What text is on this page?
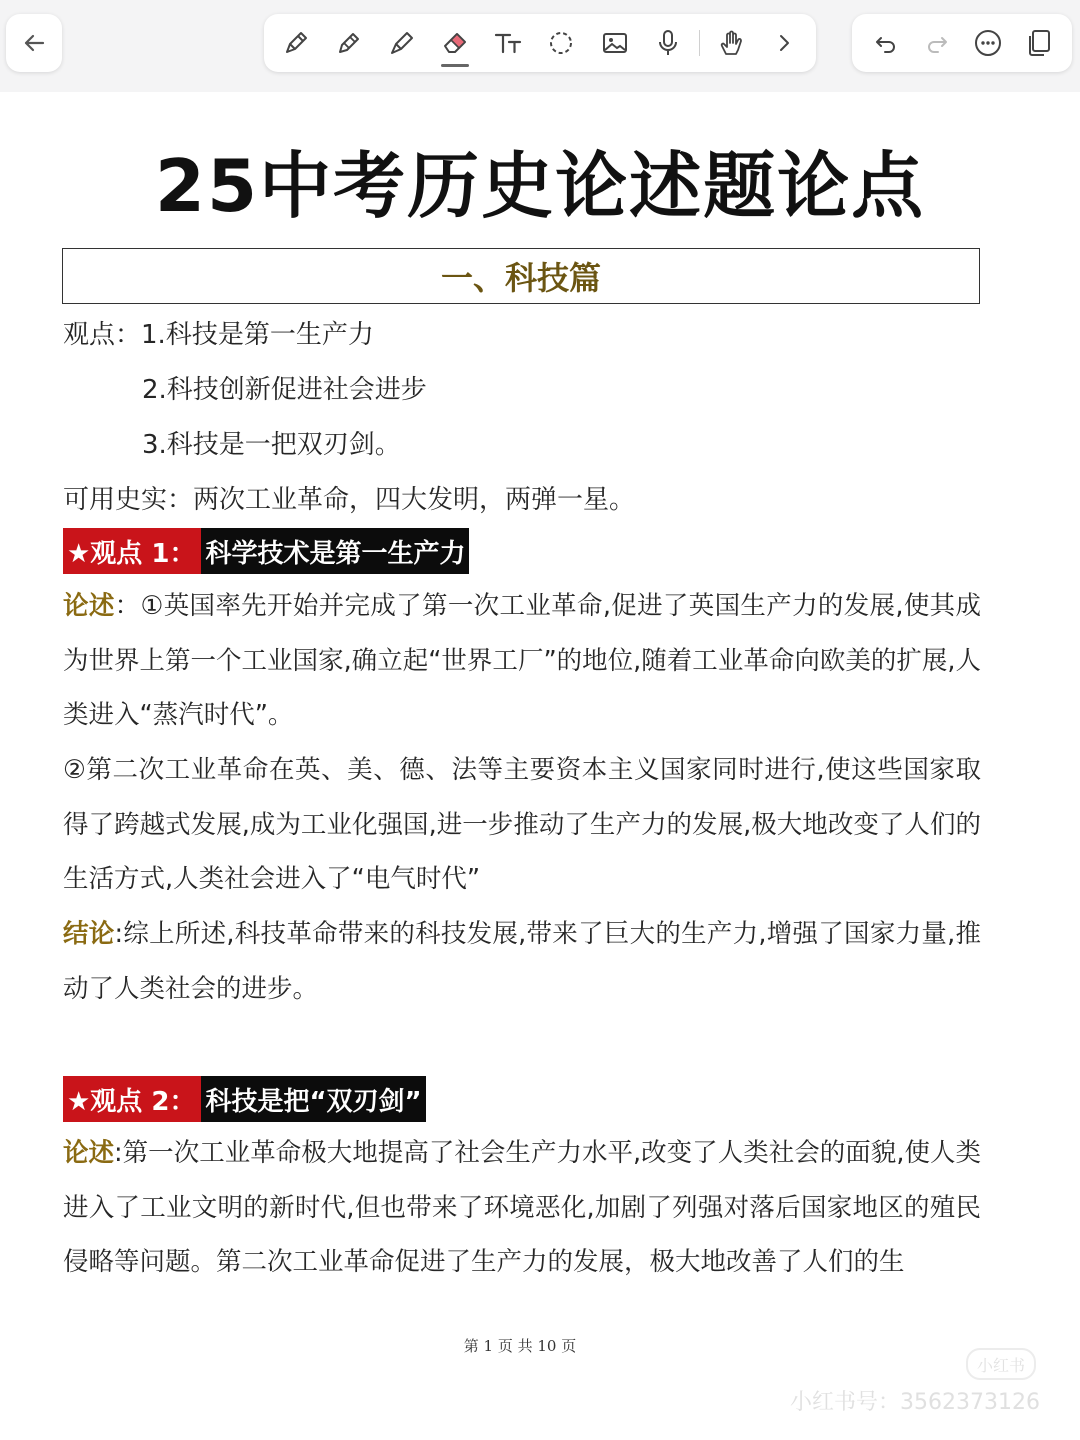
25中考历史论述题论点
一、科技篇
观点：1.科技是第一生产力
2.科技创新促进社会进步
3.科技是一把双刃剑。
可用史实：两次工业革命，四大发明，两弹一星。
★观点 1： 科学技术是第一生产力
论述：①英国率先开始并完成了第一次工业革命,促进了英国生产力的发展,使其成为世界上第一个工业国家,确立起“世界工厂”的地位,随着工业革命向欧美的扩展,人类进入“蒸汽时代”。
②第二次工业革命在英、美、德、法等主要资本主义国家同时进行,使这些国家取得了跨越式发展,成为工业化强国,进一步推动了生产力的发展,极大地改变了人们的生活方式,人类社会进入了“电气时代”
结论:综上所述,科技革命带来的科技发展,带来了巨大的生产力,增强了国家力量,推动了人类社会的进步。
★观点 2： 科技是把“双刃剑”
论述:第一次工业革命极大地提高了社会生产力水平,改变了人类社会的面貌,使人类进入了工业文明的新时代,但也带来了环境恶化,加剧了列强对落后国家地区的殖民侵略等问题。第二次工业革命促进了生产力的发展，极大地改善了人们的生
第 1 页 共 10 页
小红书
小红书号：3562373126
